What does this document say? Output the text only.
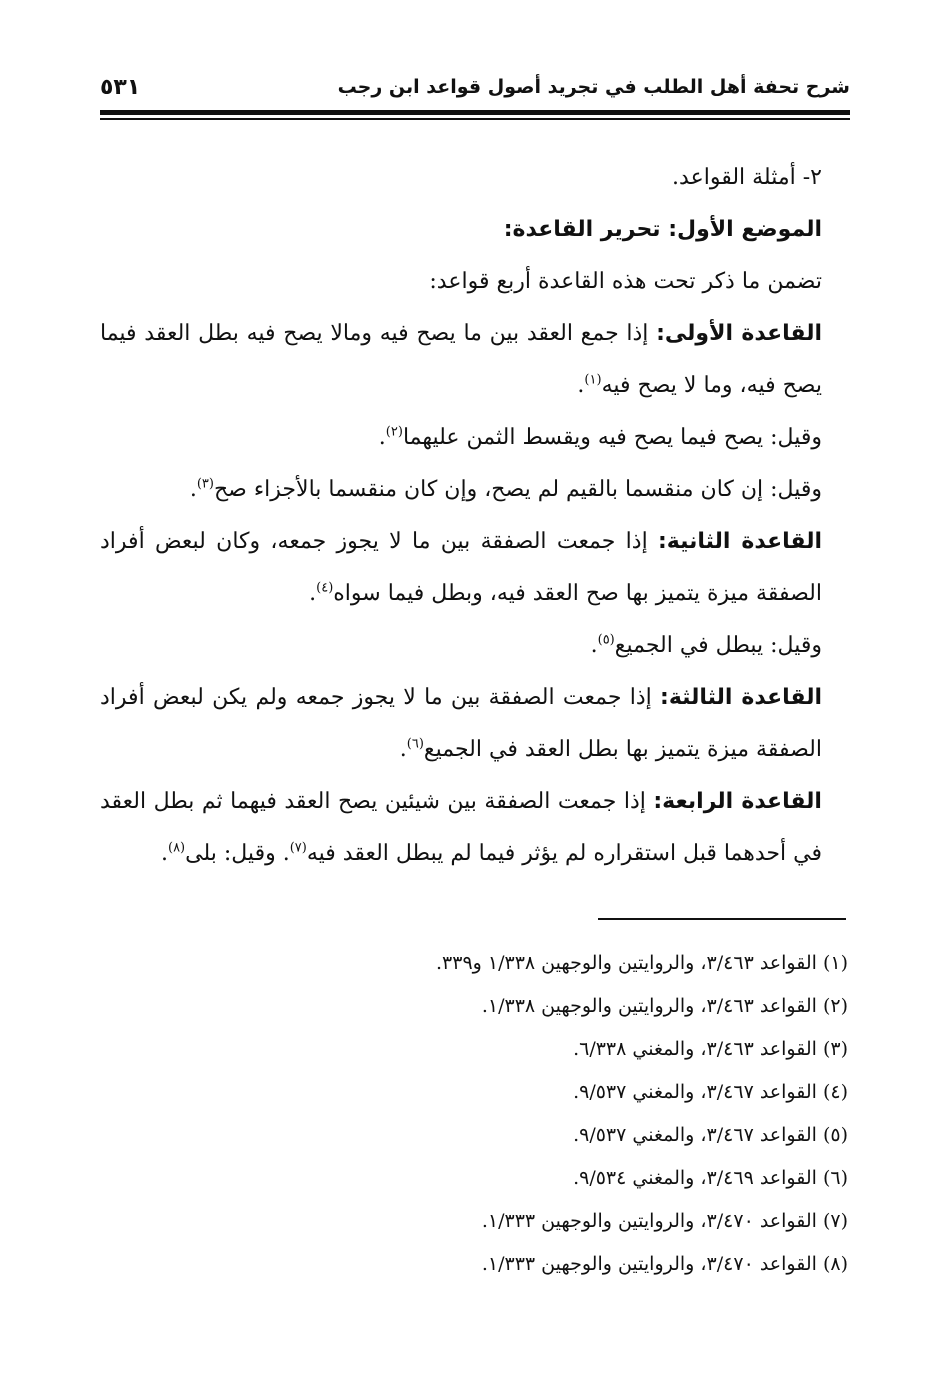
شرح تحفة أهل الطلب في تجريد أصول قواعد ابن رجب
٥٣١

٢- أمثلة القواعد.

الموضع الأول: تحرير القاعدة:

تضمن ما ذكر تحت هذه القاعدة أربع قواعد:

القاعدة الأولى: إذا جمع العقد بين ما يصح فيه ومالا يصح فيه بطل العقد فيما يصح فيه، وما لا يصح فيه$^{(١)}$.

وقيل: يصح فيما يصح فيه ويقسط الثمن عليهما$^{(٢)}$.

وقيل: إن كان منقسما بالقيم لم يصح، وإن كان منقسما بالأجزاء صح$^{(٣)}$.

القاعدة الثانية: إذا جمعت الصفقة بين ما لا يجوز جمعه، وكان لبعض أفراد الصفقة ميزة يتميز بها صح العقد فيه، وبطل فيما سواه$^{(٤)}$.

وقيل: يبطل في الجميع$^{(٥)}$.

القاعدة الثالثة: إذا جمعت الصفقة بين ما لا يجوز جمعه ولم يكن لبعض أفراد الصفقة ميزة يتميز بها بطل العقد في الجميع$^{(٦)}$.

القاعدة الرابعة: إذا جمعت الصفقة بين شيئين يصح العقد فيهما ثم بطل العقد في أحدهما قبل استقراره لم يؤثر فيما لم يبطل العقد فيه$^{(٧)}$. وقيل: بلى$^{(٨)}$.

(١) القواعد ٣/٤٦٣، والروايتين والوجهين ١/٣٣٨ و٣٣٩.

(٢) القواعد ٣/٤٦٣، والروايتين والوجهين ١/٣٣٨.

(٣) القواعد ٣/٤٦٣، والمغني ٦/٣٣٨.

(٤) القواعد ٣/٤٦٧، والمغني ٩/٥٣٧.

(٥) القواعد ٣/٤٦٧، والمغني ٩/٥٣٧.

(٦) القواعد ٣/٤٦٩، والمغني ٩/٥٣٤.

(٧) القواعد ٣/٤٧٠، والروايتين والوجهين ١/٣٣٣.

(٨) القواعد ٣/٤٧٠، والروايتين والوجهين ١/٣٣٣.
